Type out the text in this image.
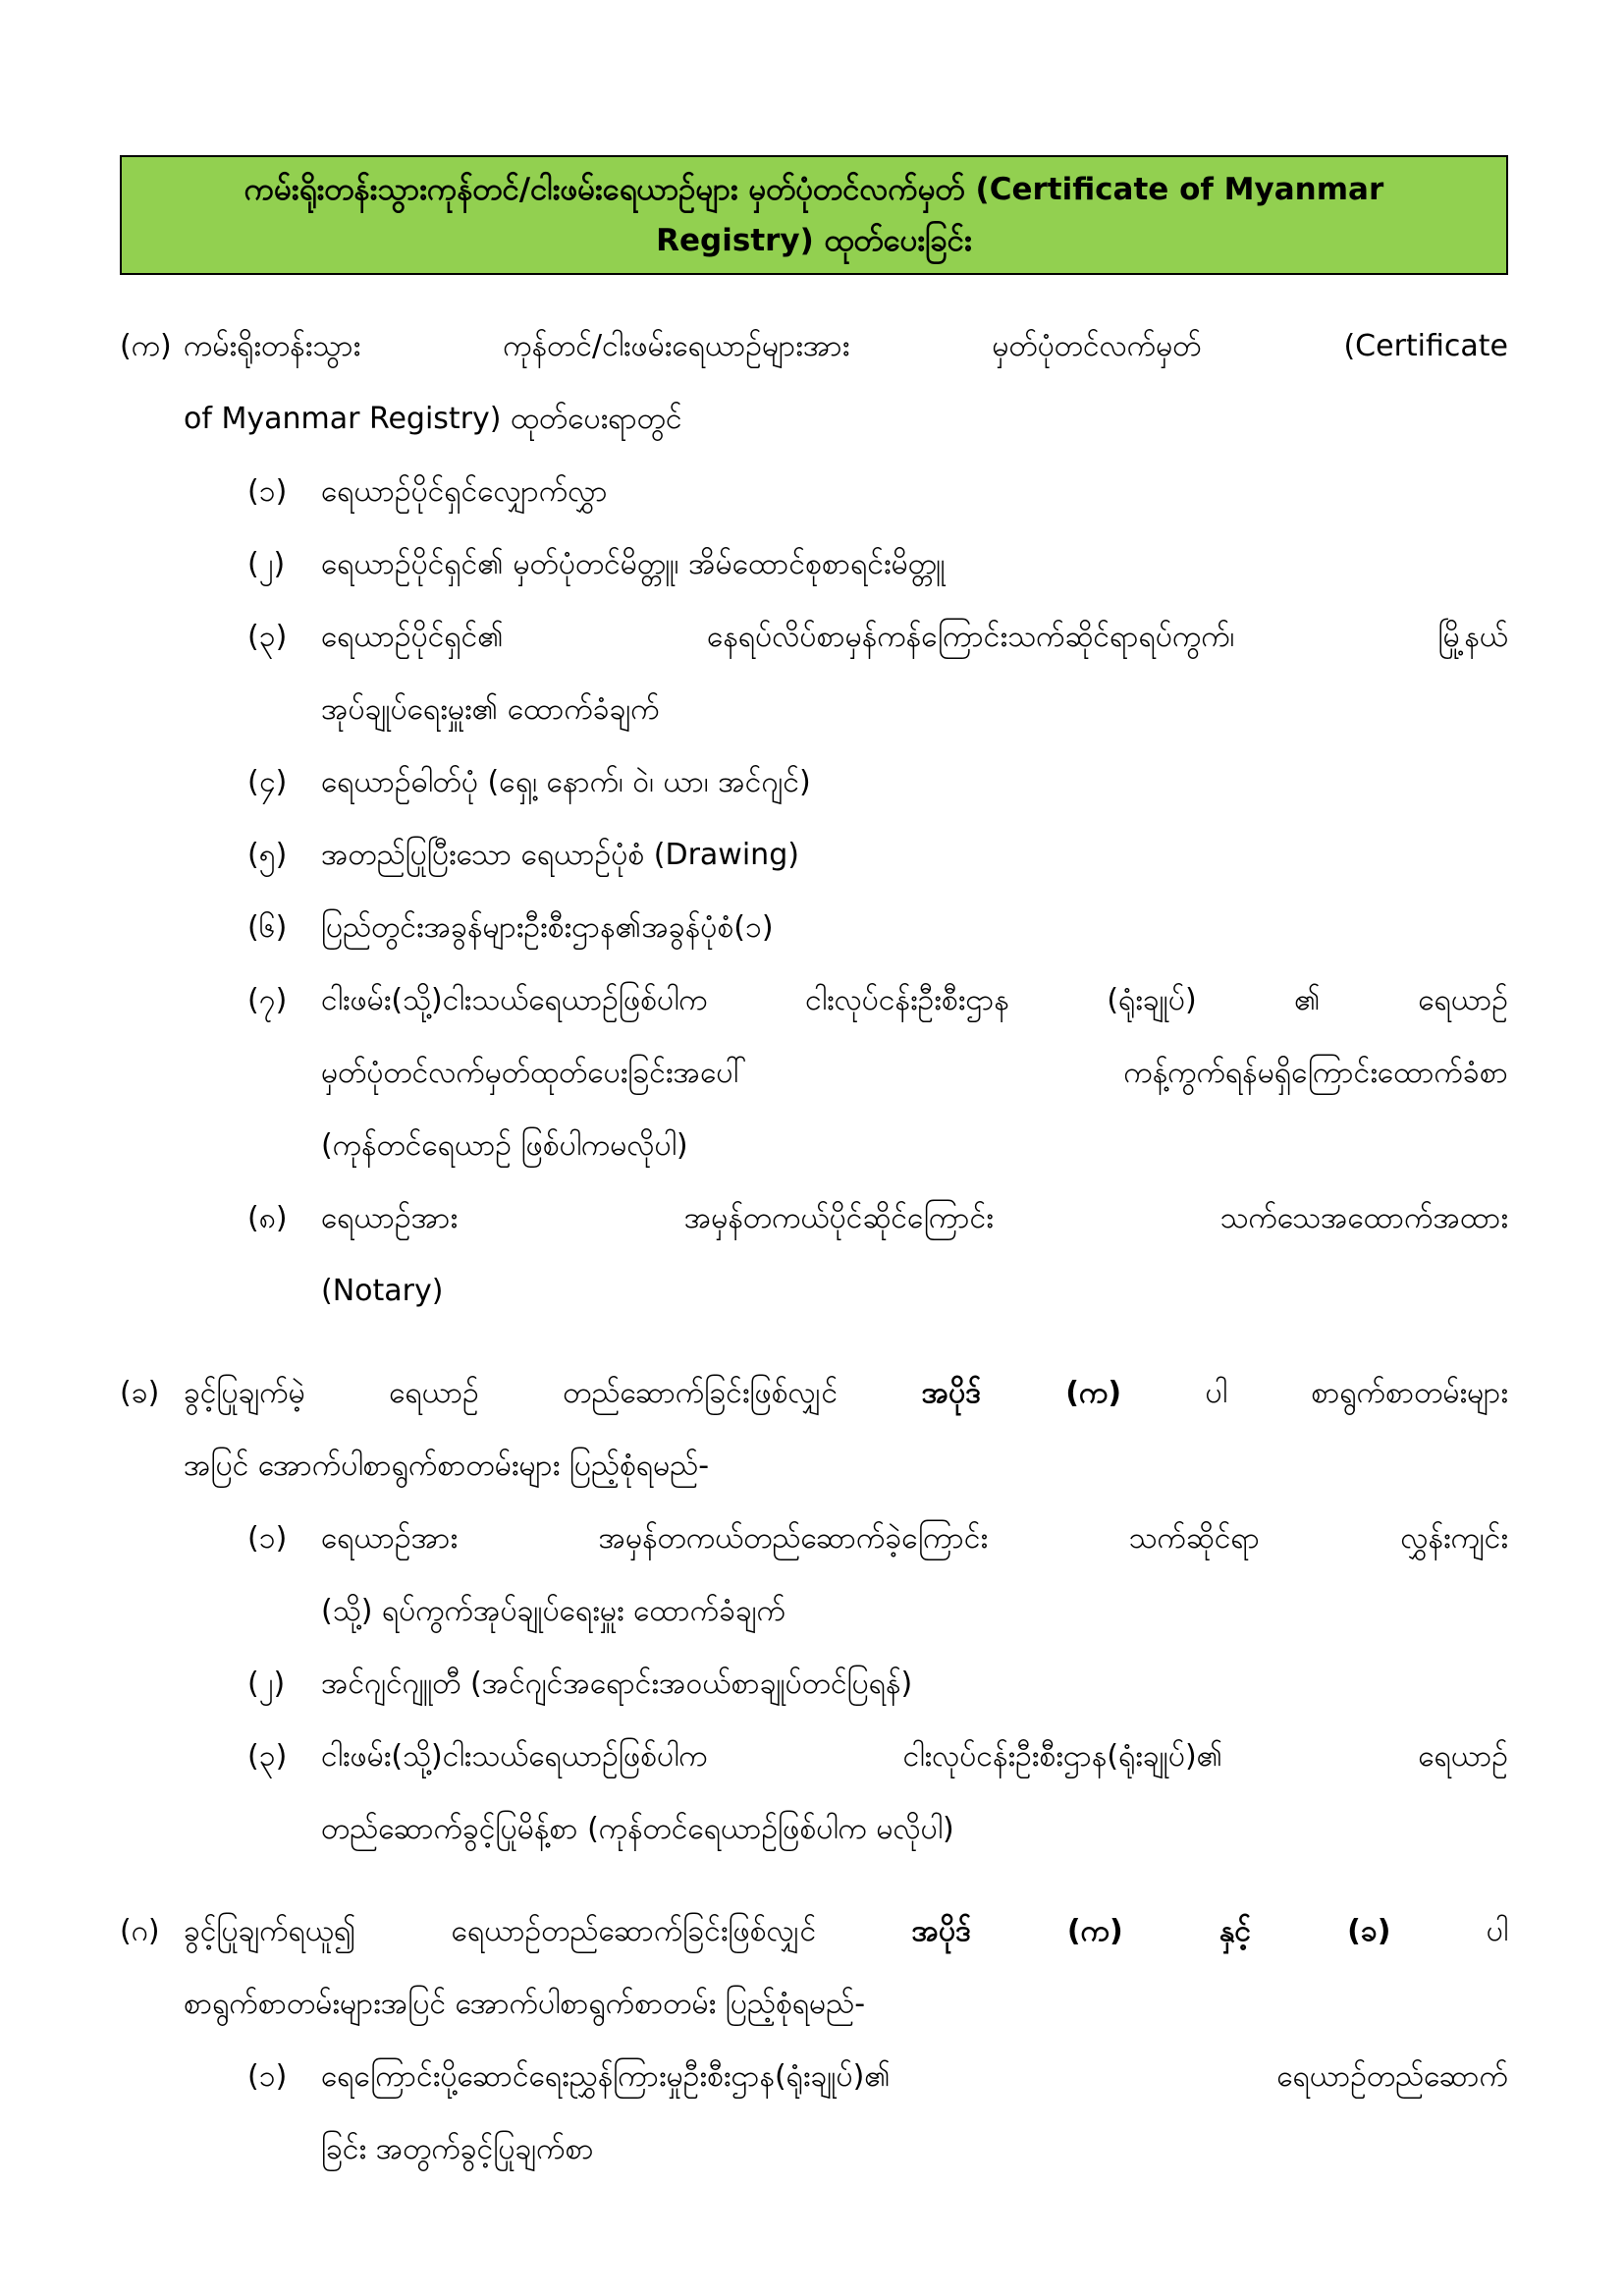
ကမ်းရိုးတန်းသွားကုန်တင်/ငါးဖမ်းရေယာဉ်များ မှတ်ပုံတင်လက်မှတ် (Certificate of Myanmar
Registry) ထုတ်ပေးခြင်း
(က) ကမ်းရိုးတန်းသွား ကုန်တင်/ငါးဖမ်းရေယာဉ်များအား မှတ်ပုံတင်လက်မှတ် (Certificate
of Myanmar Registry) ထုတ်ပေးရာတွင်
(၁)	ရေယာဉ်ပိုင်ရှင်လျှောက်လွှာ
(၂)	ရေယာဉ်ပိုင်ရှင်၏ မှတ်ပုံတင်မိတ္တူ၊ အိမ်ထောင်စုစာရင်းမိတ္တူ
(၃)	ရေယာဉ်ပိုင်ရှင်၏ နေရပ်လိပ်စာမှန်ကန်ကြောင်းသက်ဆိုင်ရာရပ်ကွက်၊ မြို့နယ်
အုပ်ချုပ်ရေးမှူး၏ ထောက်ခံချက်
(၄)	ရေယာဉ်ဓါတ်ပုံ (ရှေ့၊ နောက်၊ ဝဲ၊ ယာ၊ အင်ဂျင်)
(၅)	အတည်ပြုပြီးသော ရေယာဉ်ပုံစံ (Drawing)
(၆)	ပြည်တွင်းအခွန်များဦးစီးဌာန၏အခွန်ပုံစံ(၁)
(၇)	ငါးဖမ်း(သို့)ငါးသယ်ရေယာဉ်ဖြစ်ပါက ငါးလုပ်ငန်းဦးစီးဌာန (ရုံးချုပ်) ၏ ရေယာဉ်
မှတ်ပုံတင်လက်မှတ်ထုတ်ပေးခြင်းအပေါ် ကန့်ကွက်ရန်မရှိကြောင်းထောက်ခံစာ
(ကုန်တင်ရေယာဉ် ဖြစ်ပါကမလိုပါ)
(၈)	ရေယာဉ်အား အမှန်တကယ်ပိုင်ဆိုင်ကြောင်း သက်သေအထောက်အထား
(Notary)
(ခ) ခွင့်ပြုချက်မဲ့ ရေယာဉ် တည်ဆောက်ခြင်းဖြစ်လျှင် အပိုဒ် (က) ပါ စာရွက်စာတမ်းများ
အပြင် အောက်ပါစာရွက်စာတမ်းများ ပြည့်စုံရမည်-
(၁)	ရေယာဉ်အား အမှန်တကယ်တည်ဆောက်ခဲ့ကြောင်း သက်ဆိုင်ရာ လွှန်းကျင်း
(သို့) ရပ်ကွက်အုပ်ချုပ်ရေးမှူး ထောက်ခံချက်
(၂)	အင်ဂျင်ဂျူတီ (အင်ဂျင်အရောင်းအဝယ်စာချုပ်တင်ပြရန်)
(၃)	ငါးဖမ်း(သို့)ငါးသယ်ရေယာဉ်ဖြစ်ပါက ငါးလုပ်ငန်းဦးစီးဌာန(ရုံးချုပ်)၏ ရေယာဉ်
တည်ဆောက်ခွင့်ပြုမိန့်စာ (ကုန်တင်ရေယာဉ်ဖြစ်ပါက မလိုပါ)
(ဂ) ခွင့်ပြုချက်ရယူ၍ ရေယာဉ်တည်ဆောက်ခြင်းဖြစ်လျှင် အပိုဒ် (က) နှင့် (ခ) ပါ
စာရွက်စာတမ်းများအပြင် အောက်ပါစာရွက်စာတမ်း ပြည့်စုံရမည်-
(၁)	ရေကြောင်းပို့ဆောင်ရေးညွှန်ကြားမှုဦးစီးဌာန(ရုံးချုပ်)၏ ရေယာဉ်တည်ဆောက်
ခြင်း အတွက်ခွင့်ပြုချက်စာ
